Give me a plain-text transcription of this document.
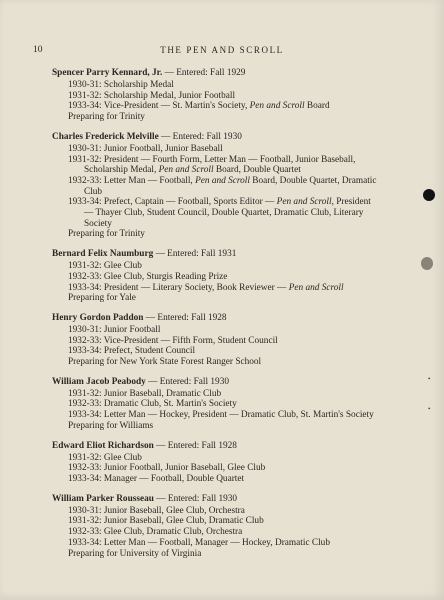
10	THE PEN AND SCROLL
Spencer Parry Kennard, Jr. — Entered: Fall 1929
1930-31: Scholarship Medal
1931-32: Scholarship Medal, Junior Football
1933-34: Vice-President — St. Martin's Society, Pen and Scroll Board
Preparing for Trinity
Charles Frederick Melville — Entered: Fall 1930
1930-31: Junior Football, Junior Baseball
1931-32: President — Fourth Form, Letter Man — Football, Junior Baseball, Scholarship Medal, Pen and Scroll Board, Double Quartet
1932-33: Letter Man — Football, Pen and Scroll Board, Double Quartet, Dramatic Club
1933-34: Prefect, Captain — Football, Sports Editor — Pen and Scroll, President — Thayer Club, Student Council, Double Quartet, Dramatic Club, Literary Society
Preparing for Trinity
Bernard Felix Naumburg — Entered: Fall 1931
1931-32: Glee Club
1932-33: Glee Club, Sturgis Reading Prize
1933-34: President — Literary Society, Book Reviewer — Pen and Scroll
Preparing for Yale
Henry Gordon Paddon — Entered: Fall 1928
1930-31: Junior Football
1932-33: Vice-President — Fifth Form, Student Council
1933-34: Prefect, Student Council
Preparing for New York State Forest Ranger School
William Jacob Peabody — Entered: Fall 1930
1931-32: Junior Baseball, Dramatic Club
1932-33: Dramatic Club, St. Martin's Society
1933-34: Letter Man — Hockey, President — Dramatic Club, St. Martin's Society
Preparing for Williams
Edward Eliot Richardson — Entered: Fall 1928
1931-32: Glee Club
1932-33: Junior Football, Junior Baseball, Glee Club
1933-34: Manager — Football, Double Quartet
William Parker Rousseau — Entered: Fall 1930
1930-31: Junior Baseball, Glee Club, Orchestra
1931-32: Junior Baseball, Glee Club, Dramatic Club
1932-33: Glee Club, Dramatic Club, Orchestra
1933-34: Letter Man — Football, Manager — Hockey, Dramatic Club
Preparing for University of Virginia
•
•
